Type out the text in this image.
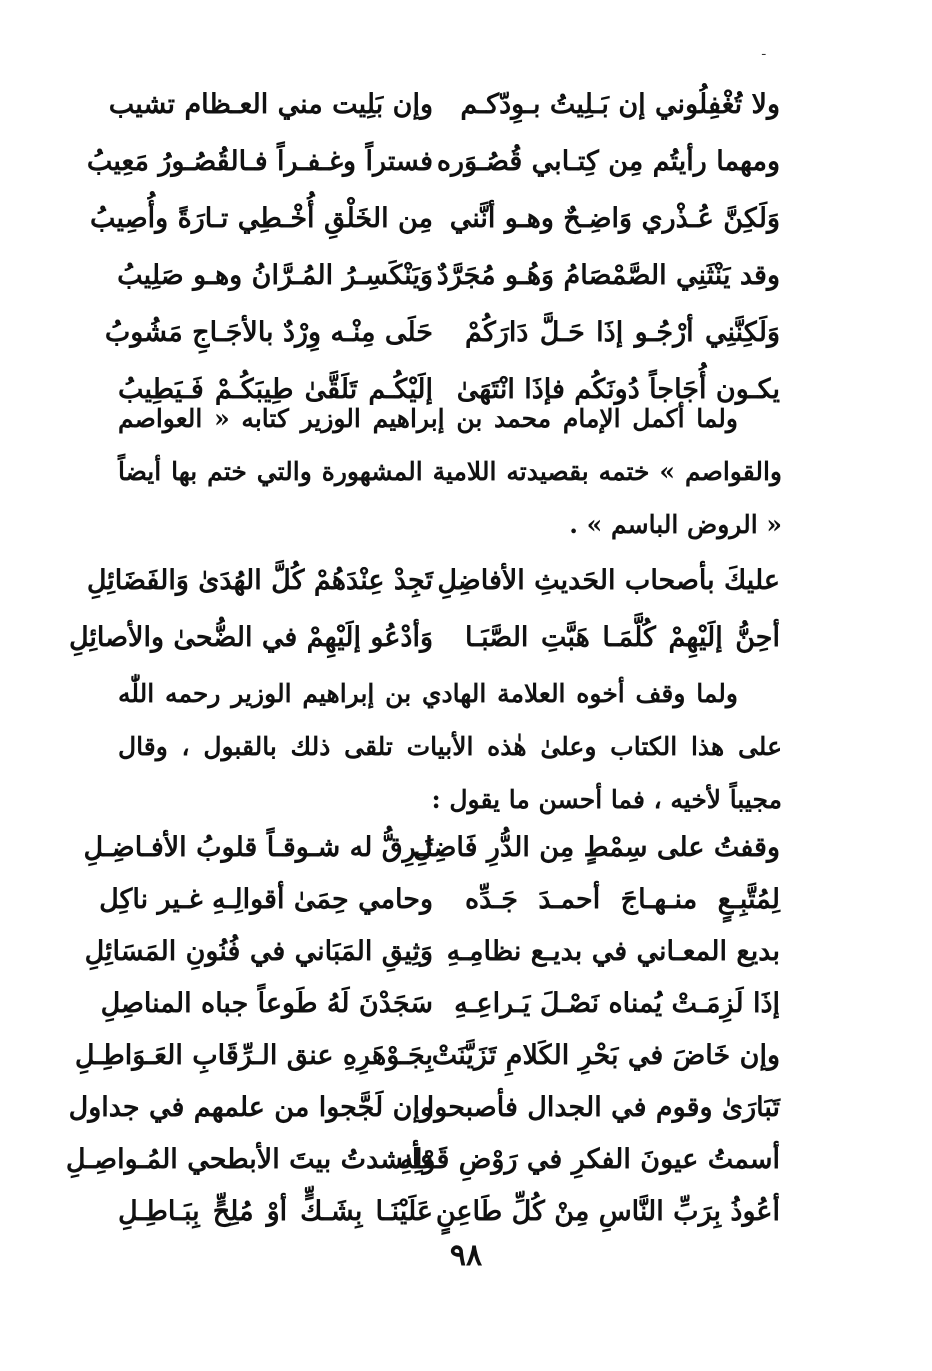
ـ
ولا تُغْفِلُوني إن بَـلِيتُ بـوِدّكـم
وإن بَلِيت مني العـظام تشيب
ومهما رأيتُم مِن كِتـابي قُصُـوَره
فستراً وغـفـراً فـالقُصُـورُ مَعِيبُ
وَلَكِنَّ عُـذْري وَاضِـحٌ وهـو أنَّني
مِن الخَلْقِ أُخْـطِي تـارَةً وأُصِيبُ
وقد يَنْثَنِي الصَّمْصَامُ وَهُـو مُجَرَّدٌ
وَيَنْكَسِـرُ المُـرَّانُ وهـو صَلِيبُ
وَلَكِنَّنِي أرْجُـو إذَا حَـلَّ دَارَكُمْ
حَلَى مِنْـه وِرْدٌ بالأجَـاجِ مَشُوبُ
يكـون أُجَاجاً دُونَكُم فإذَا انْتَهَىٰ
إلَيْكُـم تَلَقَّىٰ طِيبَكُـمْ فَـيَطِيبُ
ولما أكمل الإمام محمد بن إبراهيم الوزير كتابه « العواصم والقواصم » ختمه بقصيدته اللامية المشهورة والتي ختم بها أيضاً « الروض الباسم » .
عليكَ بأصحاب الحَديثِ الأفاضِلِ
تَجِدْ عِنْدَهُمْ كُلَّ الهُدَىٰ وَالفَضَائِلِ
أحِنُّ إلَيْهِمْ كُلَّمَـا هَبَّتِ الصَّبَـا
وَأدْعُو إلَيْهِمْ في الضُّحىٰ والأصائِلِ
ولما وقف أخوه العلامة الهادي بن إبراهيم الوزير رحمه اللّٰه على هذا الكتاب وعلىٰ هٰذه الأبيات تلقى ذلك بالقبول ، وقال مجيباً لأخيه ، فما أحسن ما يقول :
وقفتُ على سِمْطٍ مِن الدُّرِ فَاضِلِ
تَـرِقُّ له شـوقـاً قلوبُ الأفـاضِـلِ
لِمُتَّبِـعٍ منـهـاجَ أحمـدَ جَـدِّه
وحامي حِمَىٰ أقوالِـهِ غـير ناكِل
بديع المعـاني في بديـع نظامِـهِ
وَثِيقِ المَبَاني في فُنُونِ المَسَائِلِ
إذَا لَزِمَـتْ يُمناه نَصْـلَ يَـراعِـهِ
سَجَدْنَ لَهُ طَوعاً جباه المناصِلِ
وإن خَاضَ في بَحْرِ الكَلامِ تَزَيَّنَتْ
بِجَـوْهَرِهِ عنق الـرِّقَابِ العَـوَاطِـلِ
تَبَارَىٰ وقوم في الجدال فأصبحوا
وإن لَجَّجوا من علمهم في جداول
أسمتُ عيونَ الفكرِ في رَوْضِ قَوْلِهِ
فأنشدتُ بيتَ الأبطحي المُـواصِـلِ
أعُوذُ بِرَبِّ النَّاسِ مِنْ كُلِّ طَاعِنٍ
عَلَيْنَـا بِشَـكٍّ أوْ مُلِحٍّ بِبَـاطِـلِ
٩٨
